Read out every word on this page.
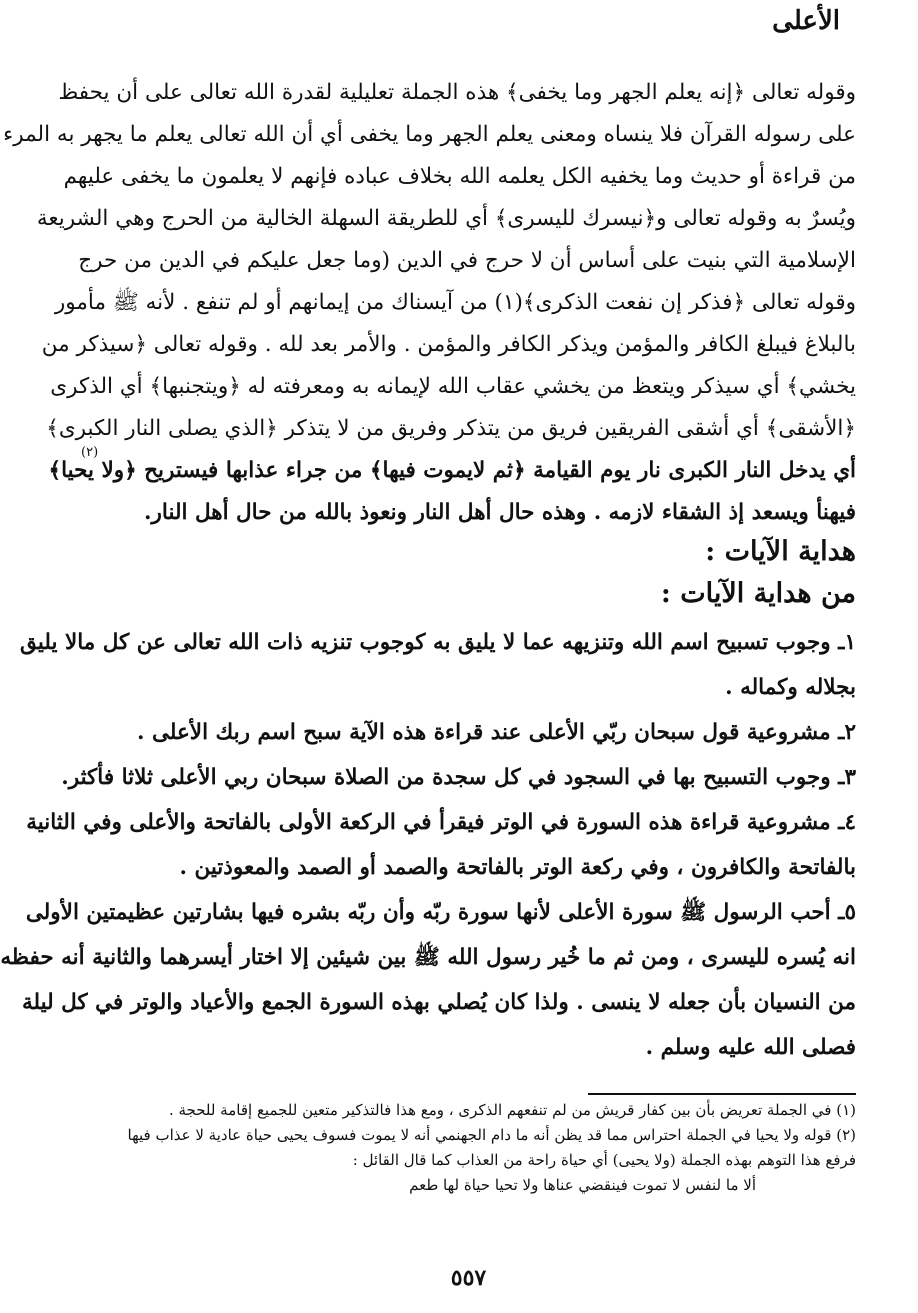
الأعلى
وقوله تعالى ﴿إنه يعلم الجهر وما يخفى﴾ هذه الجملة تعليلية لقدرة الله تعالى على أن يحفظ
على رسوله القرآن فلا ينساه ومعنى يعلم الجهر وما يخفى أي أن الله تعالى يعلم ما يجهر به المرء
من قراءة أو حديث وما يخفيه الكل يعلمه الله بخلاف عباده فإنهم لا يعلمون ما يخفى عليهم
ويُسرٌ به وقوله تعالى و﴿نيسرك لليسرى﴾ أي للطريقة السهلة الخالية من الحرج وهي الشريعة
الإسلامية التي بنيت على أساس أن لا حرج في الدين (وما جعل عليكم في الدين من حرج
وقوله تعالى ﴿فذكر إن نفعت الذكرى﴾(١) من آيسناك من إيمانهم أو لم تنفع . لأنه ﷺ مأمور
بالبلاغ فيبلغ الكافر والمؤمن ويذكر الكافر والمؤمن . والأمر بعد لله . وقوله تعالى ﴿سيذكر من
يخشي﴾ أي سيذكر ويتعظ من يخشي عقاب الله لإيمانه به ومعرفته له ﴿ويتجنبها﴾ أي الذكرى
﴿الأشقى﴾ أي أشقى الفريقين فريق من يتذكر وفريق من لا يتذكر ﴿الذي يصلى النار الكبرى﴾
أي يدخل النار الكبرى نار يوم القيامة ﴿ثم لايموت فيها﴾ من جراء عذابها فيستريح ﴿ولا يحيا﴾
فيهنأ ويسعد إذ الشقاء لازمه . وهذه حال أهل النار ونعوذ بالله من حال أهل النار.
(٢)
هداية الآيات :
من هداية الآيات :
١ـ وجوب تسبيح اسم الله وتنزيهه عما لا يليق به كوجوب تنزيه ذات الله تعالى عن كل مالا يليق
بجلاله وكماله .
٢ـ مشروعية قول سبحان ربّي الأعلى عند قراءة هذه الآية سبح اسم ربك الأعلى .
٣ـ وجوب التسبيح بها في السجود في كل سجدة من الصلاة سبحان ربي الأعلى ثلاثا فأكثر.
٤ـ مشروعية قراءة هذه السورة في الوتر فيقرأ في الركعة الأولى بالفاتحة والأعلى وفي الثانية
بالفاتحة والكافرون ، وفي ركعة الوتر بالفاتحة والصمد أو الصمد والمعوذتين .
٥ـ أحب الرسول ﷺ سورة الأعلى لأنها سورة ربّه وأن ربّه بشره فيها بشارتين عظيمتين الأولى
انه يُسره لليسرى ، ومن ثم ما خُير رسول الله ﷺ بين شيئين إلا اختار أيسرهما والثانية أنه حفظه
من النسيان بأن جعله لا ينسى . ولذا كان يُصلي بهذه السورة الجمع والأعياد والوتر في كل ليلة
فصلى الله عليه وسلم .
(١) في الجملة تعريض بأن بين كفار قريش من لم تنفعهم الذكرى ، ومع هذا فالتذكير متعين للجميع إقامة للحجة .
(٢) قوله ولا يحيا في الجملة احتراس مما قد يظن أنه ما دام الجهنمي أنه لا يموت فسوف يحيى حياة عادية لا عذاب فيها
فرفع هذا التوهم بهذه الجملة (ولا يحيى) أي حياة راحة من العذاب كما قال القائل :
ألا ما لنفس لا تموت فينقضي عناها ولا تحيا حياة لها طعم
٥٥٧
